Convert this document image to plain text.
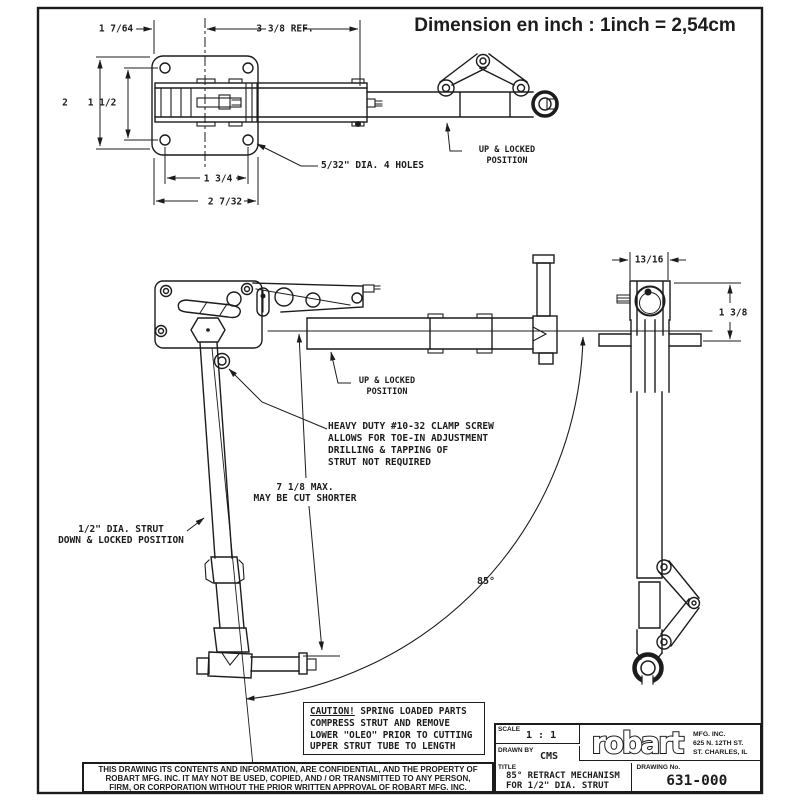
Dimension en inch : 1inch = 2,54cm
1 7/64	3 3/8 REF.
2 1 1/2
5/32" DIA. 4 HOLES
1 3/4
2 7/32
UP & LOCKED
POSITION
13/16
1 3/8
UP & LOCKED
POSITION
HEAVY DUTY #10-32 CLAMP SCREW
ALLOWS FOR TOE-IN ADJUSTMENT
DRILLING & TAPPING OF
STRUT NOT REQUIRED
7 1/8 MAX.
MAY BE CUT SHORTER
1/2" DIA. STRUT
DOWN & LOCKED POSITION
85°
CAUTION! SPRING LOADED PARTS
COMPRESS STRUT AND REMOVE
LOWER "OLEO" PRIOR TO CUTTING
UPPER STRUT TUBE TO LENGTH
SCALE
1 : 1
DRAWN BY
CMS robart	MFG. INC.
625 N. 12TH ST.
ST. CHARLES, IL
TITLE
85° RETRACT MECHANISM
FOR 1/2" DIA. STRUT
DRAWING No.
631-000
THIS DRAWING ITS CONTENTS AND INFORMATION, ARE CONFIDENTIAL, AND THE PROPERTY OF
ROBART MFG. INC. IT MAY NOT BE USED, COPIED, AND / OR TRANSMITTED TO ANY PERSON,
FIRM, OR CORPORATION WITHOUT THE PRIOR WRITTEN APPROVAL OF ROBART MFG. INC.
